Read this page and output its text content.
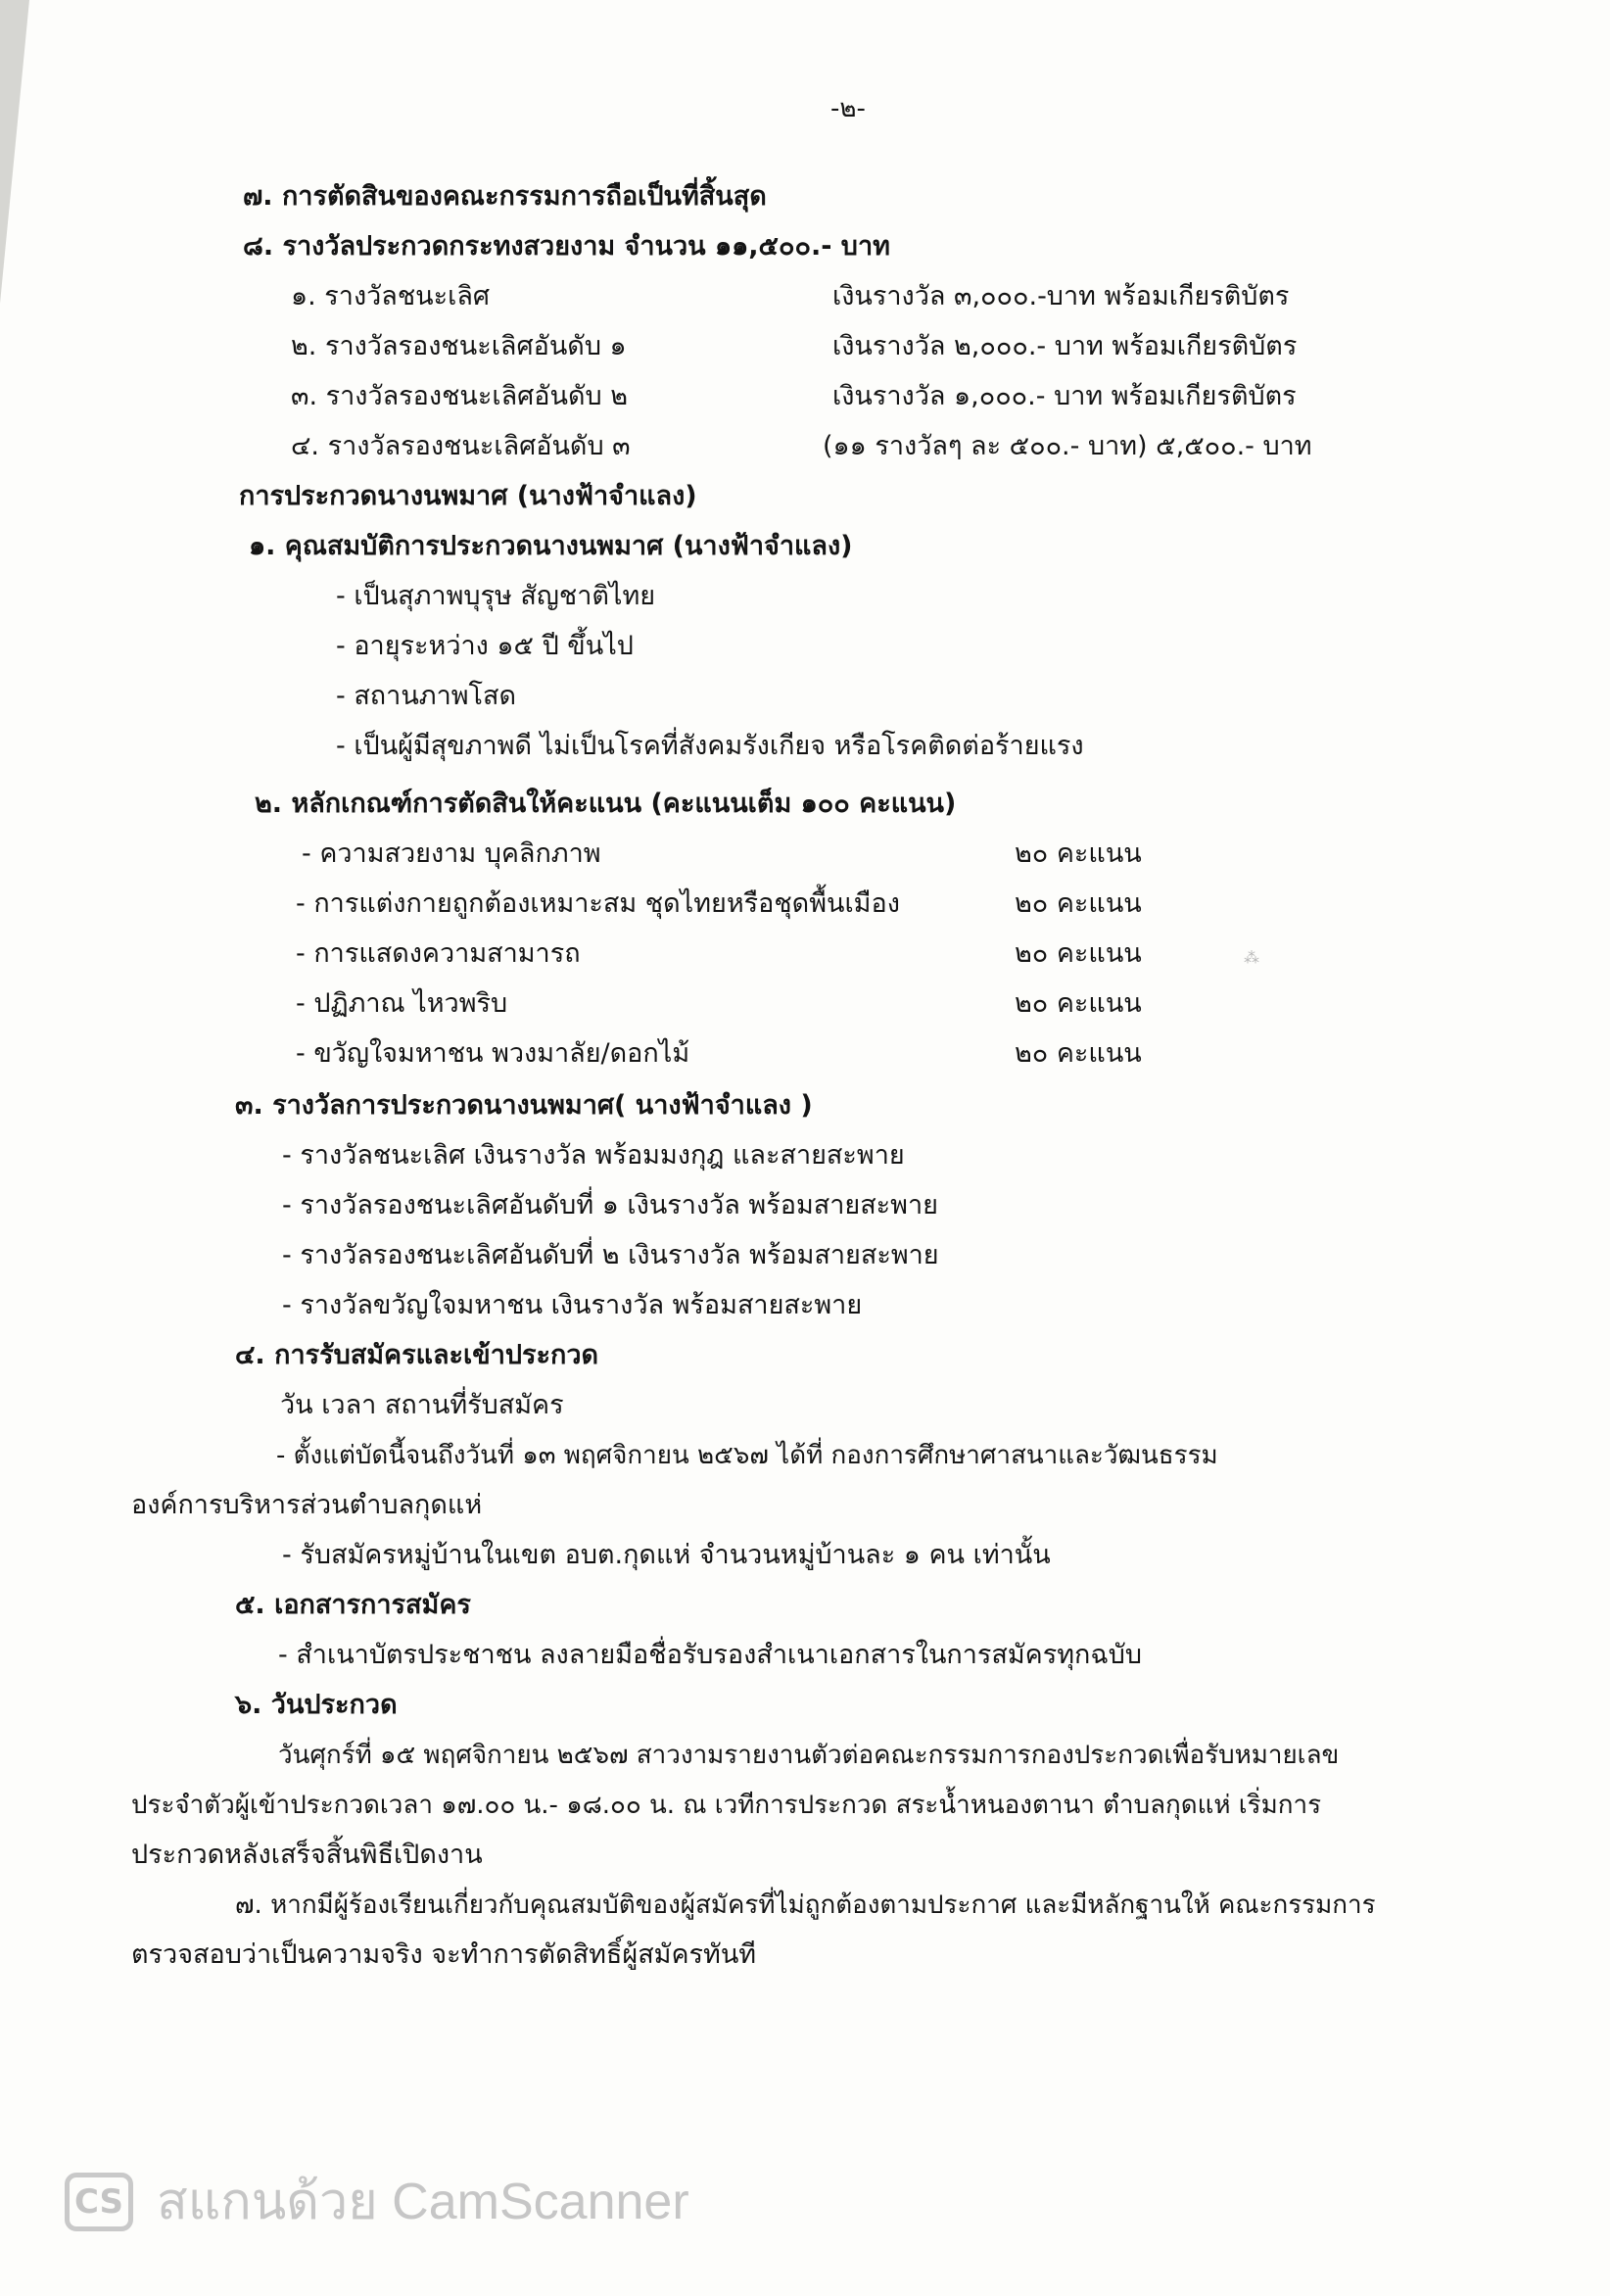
-๒-
๗. การตัดสินของคณะกรรมการถือเป็นที่สิ้นสุด
๘. รางวัลประกวดกระทงสวยงาม จำนวน ๑๑,๕๐๐.- บาท
๑. รางวัลชนะเลิศ	เงินรางวัล ๓,๐๐๐.-บาท พร้อมเกียรติบัตร
๒. รางวัลรองชนะเลิศอันดับ ๑	เงินรางวัล ๒,๐๐๐.- บาท พร้อมเกียรติบัตร
๓. รางวัลรองชนะเลิศอันดับ ๒	เงินรางวัล ๑,๐๐๐.- บาท พร้อมเกียรติบัตร
๔. รางวัลรองชนะเลิศอันดับ ๓	(๑๑ รางวัลๆ ละ ๕๐๐.- บาท) ๕,๕๐๐.- บาท
การประกวดนางนพมาศ (นางฟ้าจำแลง)
๑. คุณสมบัติการประกวดนางนพมาศ (นางฟ้าจำแลง)
- เป็นสุภาพบุรุษ สัญชาติไทย
- อายุระหว่าง ๑๕ ปี ขึ้นไป
- สถานภาพโสด
- เป็นผู้มีสุขภาพดี ไม่เป็นโรคที่สังคมรังเกียจ หรือโรคติดต่อร้ายแรง
๒. หลักเกณฑ์การตัดสินให้คะแนน (คะแนนเต็ม ๑๐๐ คะแนน)
- ความสวยงาม บุคลิกภาพ	๒๐ คะแนน
- การแต่งกายถูกต้องเหมาะสม ชุดไทยหรือชุดพื้นเมือง	๒๐ คะแนน
- การแสดงความสามารถ	๒๐ คะแนน
- ปฏิภาณ ไหวพริบ	๒๐ คะแนน
- ขวัญใจมหาชน พวงมาลัย/ดอกไม้	๒๐ คะแนน
๓. รางวัลการประกวดนางนพมาศ( นางฟ้าจำแลง )
- รางวัลชนะเลิศ เงินรางวัล พร้อมมงกุฎ และสายสะพาย
- รางวัลรองชนะเลิศอันดับที่ ๑ เงินรางวัล พร้อมสายสะพาย
- รางวัลรองชนะเลิศอันดับที่ ๒ เงินรางวัล พร้อมสายสะพาย
- รางวัลขวัญใจมหาชน เงินรางวัล พร้อมสายสะพาย
๔. การรับสมัครและเข้าประกวด
วัน เวลา สถานที่รับสมัคร
- ตั้งแต่บัดนี้จนถึงวันที่ ๑๓ พฤศจิกายน ๒๕๖๗ ได้ที่ กองการศึกษาศาสนาและวัฒนธรรม
องค์การบริหารส่วนตำบลกุดแห่
- รับสมัครหมู่บ้านในเขต อบต.กุดแห่ จำนวนหมู่บ้านละ ๑ คน เท่านั้น
๕. เอกสารการสมัคร
- สำเนาบัตรประชาชน ลงลายมือชื่อรับรองสำเนาเอกสารในการสมัครทุกฉบับ
๖. วันประกวด
วันศุกร์ที่ ๑๕ พฤศจิกายน ๒๕๖๗ สาวงามรายงานตัวต่อคณะกรรมการกองประกวดเพื่อรับหมายเลข
ประจำตัวผู้เข้าประกวดเวลา ๑๗.๐๐ น.- ๑๘.๐๐ น. ณ เวทีการประกวด สระน้ำหนองตานา ตำบลกุดแห่ เริ่มการ
ประกวดหลังเสร็จสิ้นพิธีเปิดงาน
๗. หากมีผู้ร้องเรียนเกี่ยวกับคุณสมบัติของผู้สมัครที่ไม่ถูกต้องตามประกาศ และมีหลักฐานให้ คณะกรรมการ
ตรวจสอบว่าเป็นความจริง จะทำการตัดสิทธิ์ผู้สมัครทันที
⁂
CS สแกนด้วย CamScanner
